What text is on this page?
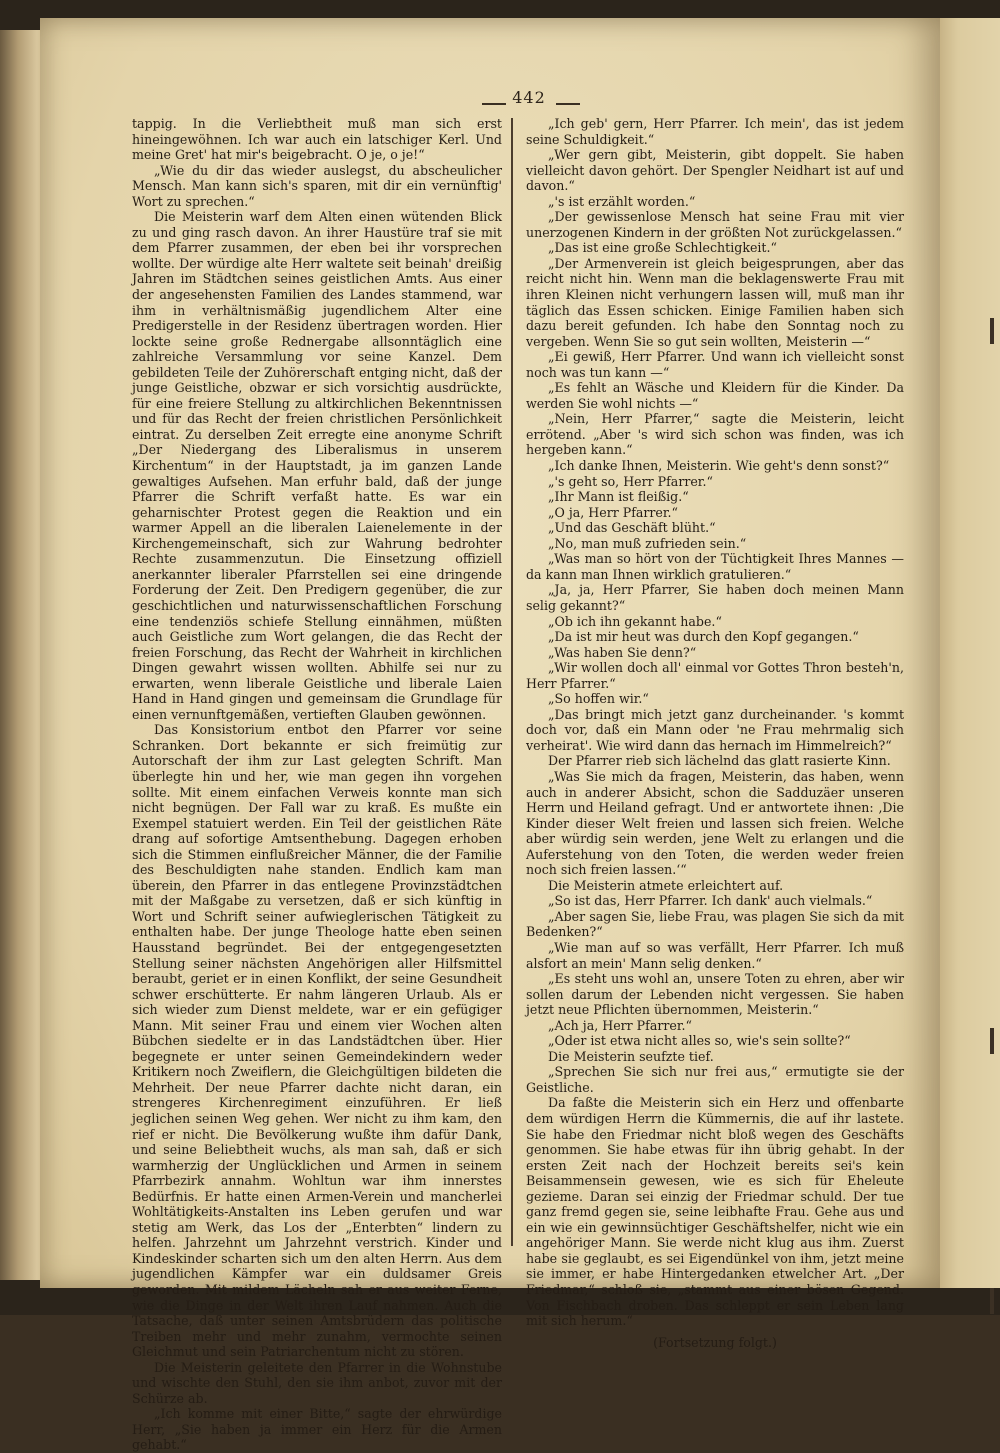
442

tappig. In die Verliebtheit muß man sich erst hineingewöhnen. Ich war auch ein latschiger Kerl. Und meine Gret' hat mir's beigebracht. O je, o je!“

„Wie du dir das wieder auslegst, du abscheulicher Mensch. Man kann sich's sparen, mit dir ein vernünftig' Wort zu sprechen.“

Die Meisterin warf dem Alten einen wütenden Blick zu und ging rasch davon. An ihrer Haustüre traf sie mit dem Pfarrer zusammen, der eben bei ihr vorsprechen wollte. Der würdige alte Herr waltete seit beinah' dreißig Jahren im Städtchen seines geistlichen Amts. Aus einer der angesehensten Familien des Landes stammend, war ihm in verhältnismäßig jugendlichem Alter eine Predigerstelle in der Residenz übertragen worden. Hier lockte seine große Rednergabe allsonntäglich eine zahlreiche Versammlung vor seine Kanzel. Dem gebildeten Teile der Zuhörerschaft entging nicht, daß der junge Geistliche, obzwar er sich vorsichtig ausdrückte, für eine freiere Stellung zu altkirchlichen Bekenntnissen und für das Recht der freien christlichen Persönlichkeit eintrat. Zu derselben Zeit erregte eine anonyme Schrift „Der Niedergang des Liberalismus in unserem Kirchentum“ in der Hauptstadt, ja im ganzen Lande gewaltiges Aufsehen. Man erfuhr bald, daß der junge Pfarrer die Schrift verfaßt hatte. Es war ein geharnischter Protest gegen die Reaktion und ein warmer Appell an die liberalen Laienelemente in der Kirchengemeinschaft, sich zur Wahrung bedrohter Rechte zusammenzutun. Die Einsetzung offiziell anerkannter liberaler Pfarrstellen sei eine dringende Forderung der Zeit. Den Predigern gegenüber, die zur geschichtlichen und naturwissenschaftlichen Forschung eine tendenziös schiefe Stellung einnähmen, müßten auch Geistliche zum Wort gelangen, die das Recht der freien Forschung, das Recht der Wahrheit in kirchlichen Dingen gewahrt wissen wollten. Abhilfe sei nur zu erwarten, wenn liberale Geistliche und liberale Laien Hand in Hand gingen und gemeinsam die Grundlage für einen vernunftgemäßen, vertieften Glauben gewönnen.

Das Konsistorium entbot den Pfarrer vor seine Schranken. Dort bekannte er sich freimütig zur Autorschaft der ihm zur Last gelegten Schrift. Man überlegte hin und her, wie man gegen ihn vorgehen sollte. Mit einem einfachen Verweis konnte man sich nicht begnügen. Der Fall war zu kraß. Es mußte ein Exempel statuiert werden. Ein Teil der geistlichen Räte drang auf sofortige Amtsenthebung. Dagegen erhoben sich die Stimmen einflußreicher Männer, die der Familie des Beschuldigten nahe standen. Endlich kam man überein, den Pfarrer in das entlegene Provinzstädtchen mit der Maßgabe zu versetzen, daß er sich künftig in Wort und Schrift seiner aufwieglerischen Tätigkeit zu enthalten habe. Der junge Theologe hatte eben seinen Hausstand begründet. Bei der entgegengesetzten Stellung seiner nächsten Angehörigen aller Hilfsmittel beraubt, geriet er in einen Konflikt, der seine Gesundheit schwer erschütterte. Er nahm längeren Urlaub. Als er sich wieder zum Dienst meldete, war er ein gefügiger Mann. Mit seiner Frau und einem vier Wochen alten Bübchen siedelte er in das Landstädtchen über. Hier begegnete er unter seinen Gemeindekindern weder Kritikern noch Zweiflern, die Gleichgültigen bildeten die Mehrheit. Der neue Pfarrer dachte nicht daran, ein strengeres Kirchenregiment einzuführen. Er ließ jeglichen seinen Weg gehen. Wer nicht zu ihm kam, den rief er nicht. Die Bevölkerung wußte ihm dafür Dank, und seine Beliebtheit wuchs, als man sah, daß er sich warmherzig der Unglücklichen und Armen in seinem Pfarrbezirk annahm. Wohltun war ihm innerstes Bedürfnis. Er hatte einen Armen-Verein und mancherlei Wohltätigkeits-Anstalten ins Leben gerufen und war stetig am Werk, das Los der „Enterbten“ lindern zu helfen. Jahrzehnt um Jahrzehnt verstrich. Kinder und Kindeskinder scharten sich um den alten Herrn. Aus dem jugendlichen Kämpfer war ein duldsamer Greis geworden. Mit mildem Lächeln sah er aus weiter Ferne, wie die Dinge in der Welt ihren Lauf nahmen. Auch die Tatsache, daß unter seinen Amtsbrüdern das politische Treiben mehr und mehr zunahm, vermochte seinen Gleichmut und sein Patriarchentum nicht zu stören.

Die Meisterin geleitete den Pfarrer in die Wohnstube und wischte den Stuhl, den sie ihm anbot, zuvor mit der Schürze ab.

„Ich komme mit einer Bitte,“ sagte der ehrwürdige Herr, „Sie haben ja immer ein Herz für die Armen gehabt.“

„Ich geb' gern, Herr Pfarrer. Ich mein', das ist jedem seine Schuldigkeit.“

„Wer gern gibt, Meisterin, gibt doppelt. Sie haben vielleicht davon gehört. Der Spengler Neidhart ist auf und davon.“

„'s ist erzählt worden.“

„Der gewissenlose Mensch hat seine Frau mit vier unerzogenen Kindern in der größten Not zurückgelassen.“

„Das ist eine große Schlechtigkeit.“

„Der Armenverein ist gleich beigesprungen, aber das reicht nicht hin. Wenn man die beklagenswerte Frau mit ihren Kleinen nicht verhungern lassen will, muß man ihr täglich das Essen schicken. Einige Familien haben sich dazu bereit gefunden. Ich habe den Sonntag noch zu vergeben. Wenn Sie so gut sein wollten, Meisterin —“

„Ei gewiß, Herr Pfarrer. Und wann ich vielleicht sonst noch was tun kann —“

„Es fehlt an Wäsche und Kleidern für die Kinder. Da werden Sie wohl nichts —“

„Nein, Herr Pfarrer,“ sagte die Meisterin, leicht errötend. „Aber 's wird sich schon was finden, was ich hergeben kann.“

„Ich danke Ihnen, Meisterin. Wie geht's denn sonst?“

„'s geht so, Herr Pfarrer.“

„Ihr Mann ist fleißig.“

„O ja, Herr Pfarrer.“

„Und das Geschäft blüht.“

„No, man muß zufrieden sein.“

„Was man so hört von der Tüchtigkeit Ihres Mannes — da kann man Ihnen wirklich gratulieren.“

„Ja, ja, Herr Pfarrer, Sie haben doch meinen Mann selig gekannt?“

„Ob ich ihn gekannt habe.“

„Da ist mir heut was durch den Kopf gegangen.“

„Was haben Sie denn?“

„Wir wollen doch all' einmal vor Gottes Thron besteh'n, Herr Pfarrer.“

„So hoffen wir.“

„Das bringt mich jetzt ganz durcheinander. 's kommt doch vor, daß ein Mann oder 'ne Frau mehrmalig sich verheirat'. Wie wird dann das hernach im Himmelreich?“

Der Pfarrer rieb sich lächelnd das glatt rasierte Kinn.

„Was Sie mich da fragen, Meisterin, das haben, wenn auch in anderer Absicht, schon die Sadduzäer unseren Herrn und Heiland gefragt. Und er antwortete ihnen: ‚Die Kinder dieser Welt freien und lassen sich freien. Welche aber würdig sein werden, jene Welt zu erlangen und die Auferstehung von den Toten, die werden weder freien noch sich freien lassen.‘“

Die Meisterin atmete erleichtert auf.

„So ist das, Herr Pfarrer. Ich dank' auch vielmals.“

„Aber sagen Sie, liebe Frau, was plagen Sie sich da mit Bedenken?“

„Wie man auf so was verfällt, Herr Pfarrer. Ich muß alsfort an mein' Mann selig denken.“

„Es steht uns wohl an, unsere Toten zu ehren, aber wir sollen darum der Lebenden nicht vergessen. Sie haben jetzt neue Pflichten übernommen, Meisterin.“

„Ach ja, Herr Pfarrer.“

„Oder ist etwa nicht alles so, wie's sein sollte?“

Die Meisterin seufzte tief.

„Sprechen Sie sich nur frei aus,“ ermutigte sie der Geistliche.

Da faßte die Meisterin sich ein Herz und offenbarte dem würdigen Herrn die Kümmernis, die auf ihr lastete. Sie habe den Friedmar nicht bloß wegen des Geschäfts genommen. Sie habe etwas für ihn übrig gehabt. In der ersten Zeit nach der Hochzeit bereits sei's kein Beisammensein gewesen, wie es sich für Eheleute gezieme. Daran sei einzig der Friedmar schuld. Der tue ganz fremd gegen sie, seine leibhafte Frau. Gehe aus und ein wie ein gewinnsüchtiger Geschäftshelfer, nicht wie ein angehöriger Mann. Sie werde nicht klug aus ihm. Zuerst habe sie geglaubt, es sei Eigendünkel von ihm, jetzt meine sie immer, er habe Hintergedanken etwelcher Art. „Der Friedmar,“ schloß sie, „stammt aus einer bösen Gegend. Von Fischbach droben. Das schleppt er sein Leben lang mit sich herum.“

(Fortsetzung folgt.)
